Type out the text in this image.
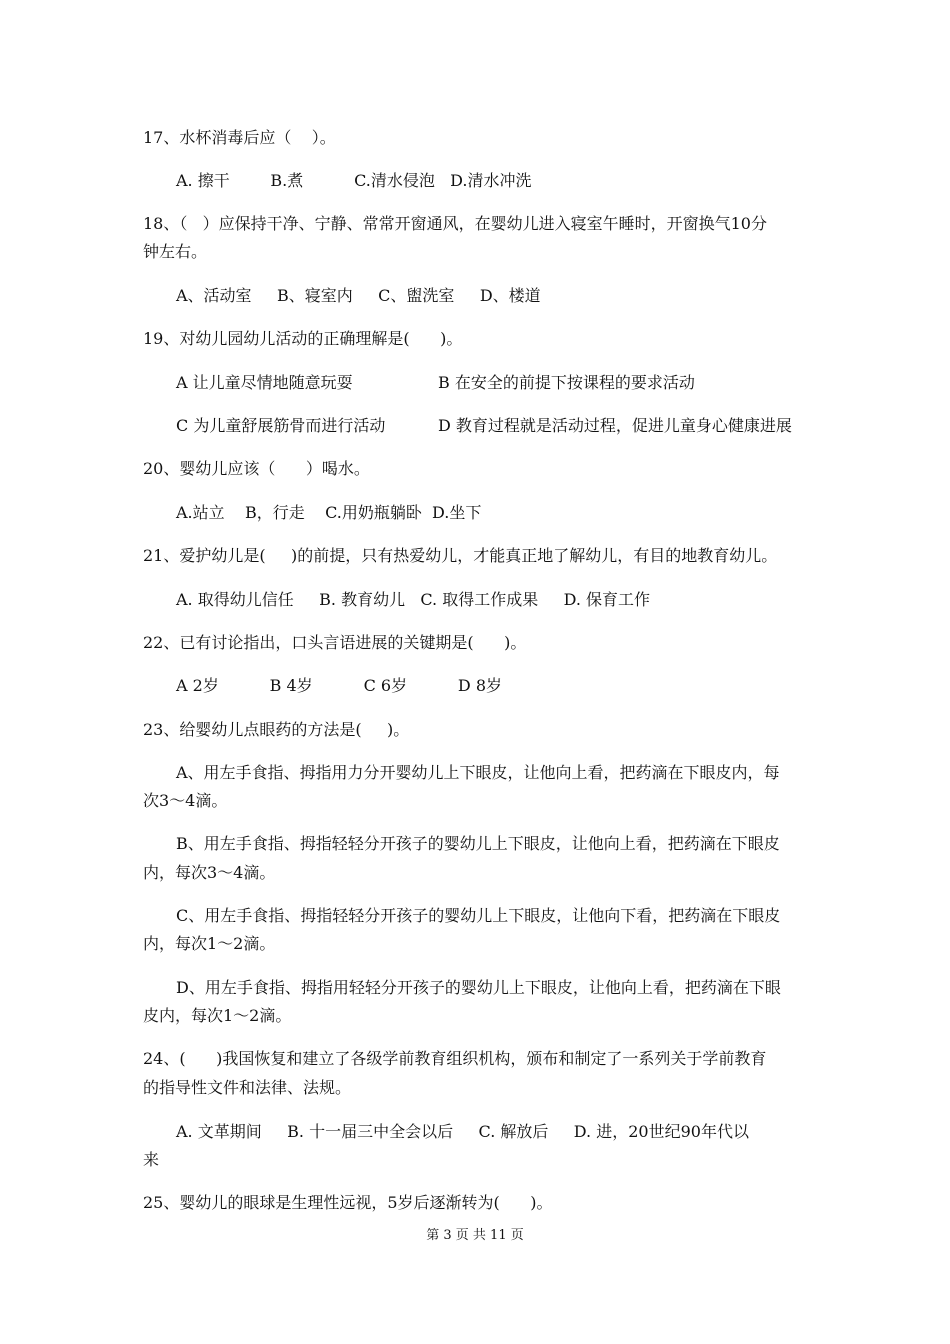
17、水杯消毒后应（    ）。
A. 擦干        B.煮          C.清水侵泡   D.清水冲洗
18、（   ）应保持干净、宁静、常常开窗通风，在婴幼儿进入寝室午睡时，开窗换气10分
钟左右。
A、活动室     B、寝室内     C、盥洗室     D、楼道
19、对幼儿园幼儿活动的正确理解是(      )。
A 让儿童尽情地随意玩耍	B 在安全的前提下按课程的要求活动
C 为儿童舒展筋骨而进行活动	D 教育过程就是活动过程，促进儿童身心健康进展
20、婴幼儿应该（      ）喝水。
A.站立    B，行走    C.用奶瓶躺卧  D.坐下
21、爱护幼儿是(     )的前提，只有热爱幼儿，才能真正地了解幼儿，有目的地教育幼儿。
A. 取得幼儿信任     B. 教育幼儿   C. 取得工作成果     D. 保育工作
22、已有讨论指出，口头言语进展的关键期是(      )。
A 2岁          B 4岁          C 6岁          D 8岁
23、给婴幼儿点眼药的方法是(     )。
A、用左手食指、拇指用力分开婴幼儿上下眼皮，让他向上看，把药滴在下眼皮内，每
次3～4滴。
B、用左手食指、拇指轻轻分开孩子的婴幼儿上下眼皮，让他向上看，把药滴在下眼皮
内，每次3～4滴。
C、用左手食指、拇指轻轻分开孩子的婴幼儿上下眼皮，让他向下看，把药滴在下眼皮
内，每次1～2滴。
D、用左手食指、拇指用轻轻分开孩子的婴幼儿上下眼皮，让他向上看，把药滴在下眼
皮内，每次1～2滴。
24、(      )我国恢复和建立了各级学前教育组织机构，颁布和制定了一系列关于学前教育
的指导性文件和法律、法规。
A. 文革期间     B. 十一届三中全会以后     C. 解放后     D. 进，20世纪90年代以
来
25、婴幼儿的眼球是生理性远视，5岁后逐渐转为(      )。
第 3 页 共 11 页
